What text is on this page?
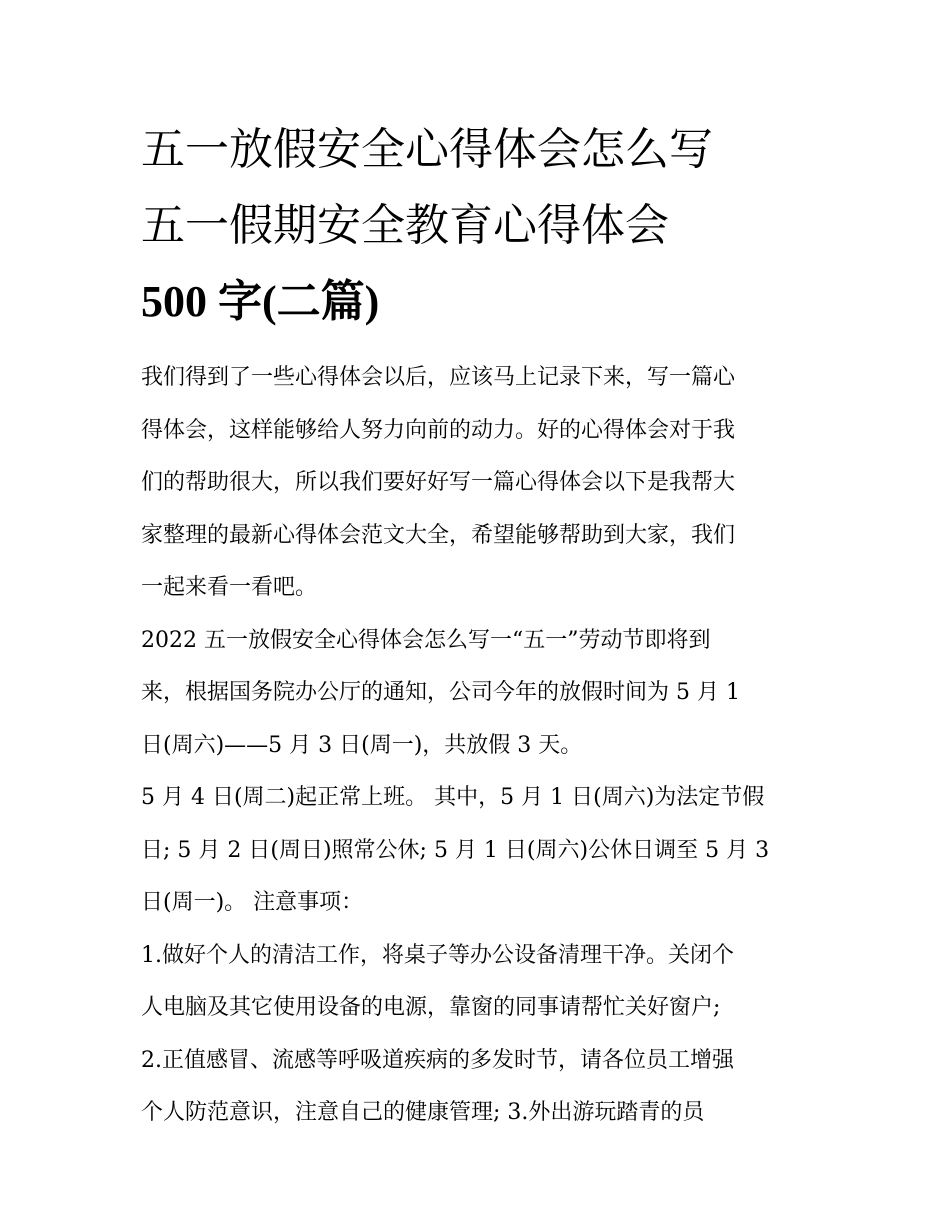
五一放假安全心得体会怎么写
五一假期安全教育心得体会
500 字(二篇)
我们得到了一些心得体会以后，应该马上记录下来，写一篇心
得体会，这样能够给人努力向前的动力。好的心得体会对于我
们的帮助很大，所以我们要好好写一篇心得体会以下是我帮大
家整理的最新心得体会范文大全，希望能够帮助到大家，我们
一起来看一看吧。
2022 五一放假安全心得体会怎么写一“五一”劳动节即将到
来，根据国务院办公厅的通知，公司今年的放假时间为 5 月 1
日(周六)——5 月 3 日(周一)，共放假 3 天。
5 月 4 日(周二)起正常上班。 其中，5 月 1 日(周六)为法定节假
日; 5 月 2 日(周日)照常公休; 5 月 1 日(周六)公休日调至 5 月 3
日(周一)。 注意事项：
1.做好个人的清洁工作，将桌子等办公设备清理干净。关闭个
人电脑及其它使用设备的电源，靠窗的同事请帮忙关好窗户;
2.正值感冒、流感等呼吸道疾病的多发时节，请各位员工增强
个人防范意识，注意自己的健康管理; 3.外出游玩踏青的员
